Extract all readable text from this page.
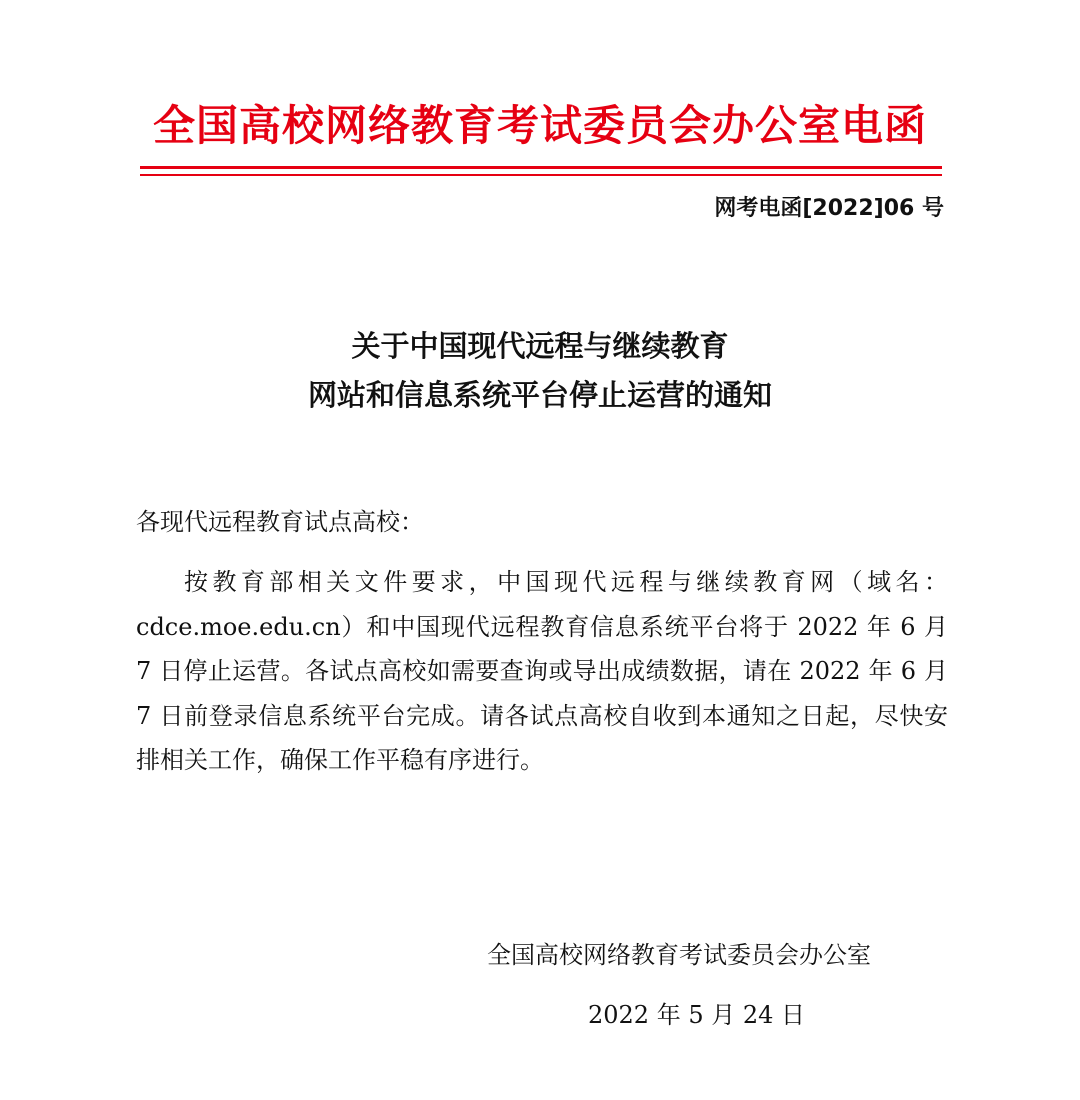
全国高校网络教育考试委员会办公室电函
网考电函[2022]06 号
关于中国现代远程与继续教育
网站和信息系统平台停止运营的通知
各现代远程教育试点高校：

按教育部相关文件要求，中国现代远程与继续教育网（域名：cdce.moe.edu.cn）和中国现代远程教育信息系统平台将于 2022 年 6 月 7 日停止运营。各试点高校如需要查询或导出成绩数据，请在 2022 年 6 月 7 日前登录信息系统平台完成。请各试点高校自收到本通知之日起，尽快安排相关工作，确保工作平稳有序进行。

全国高校网络教育考试委员会办公室
2022 年 5 月 24 日
